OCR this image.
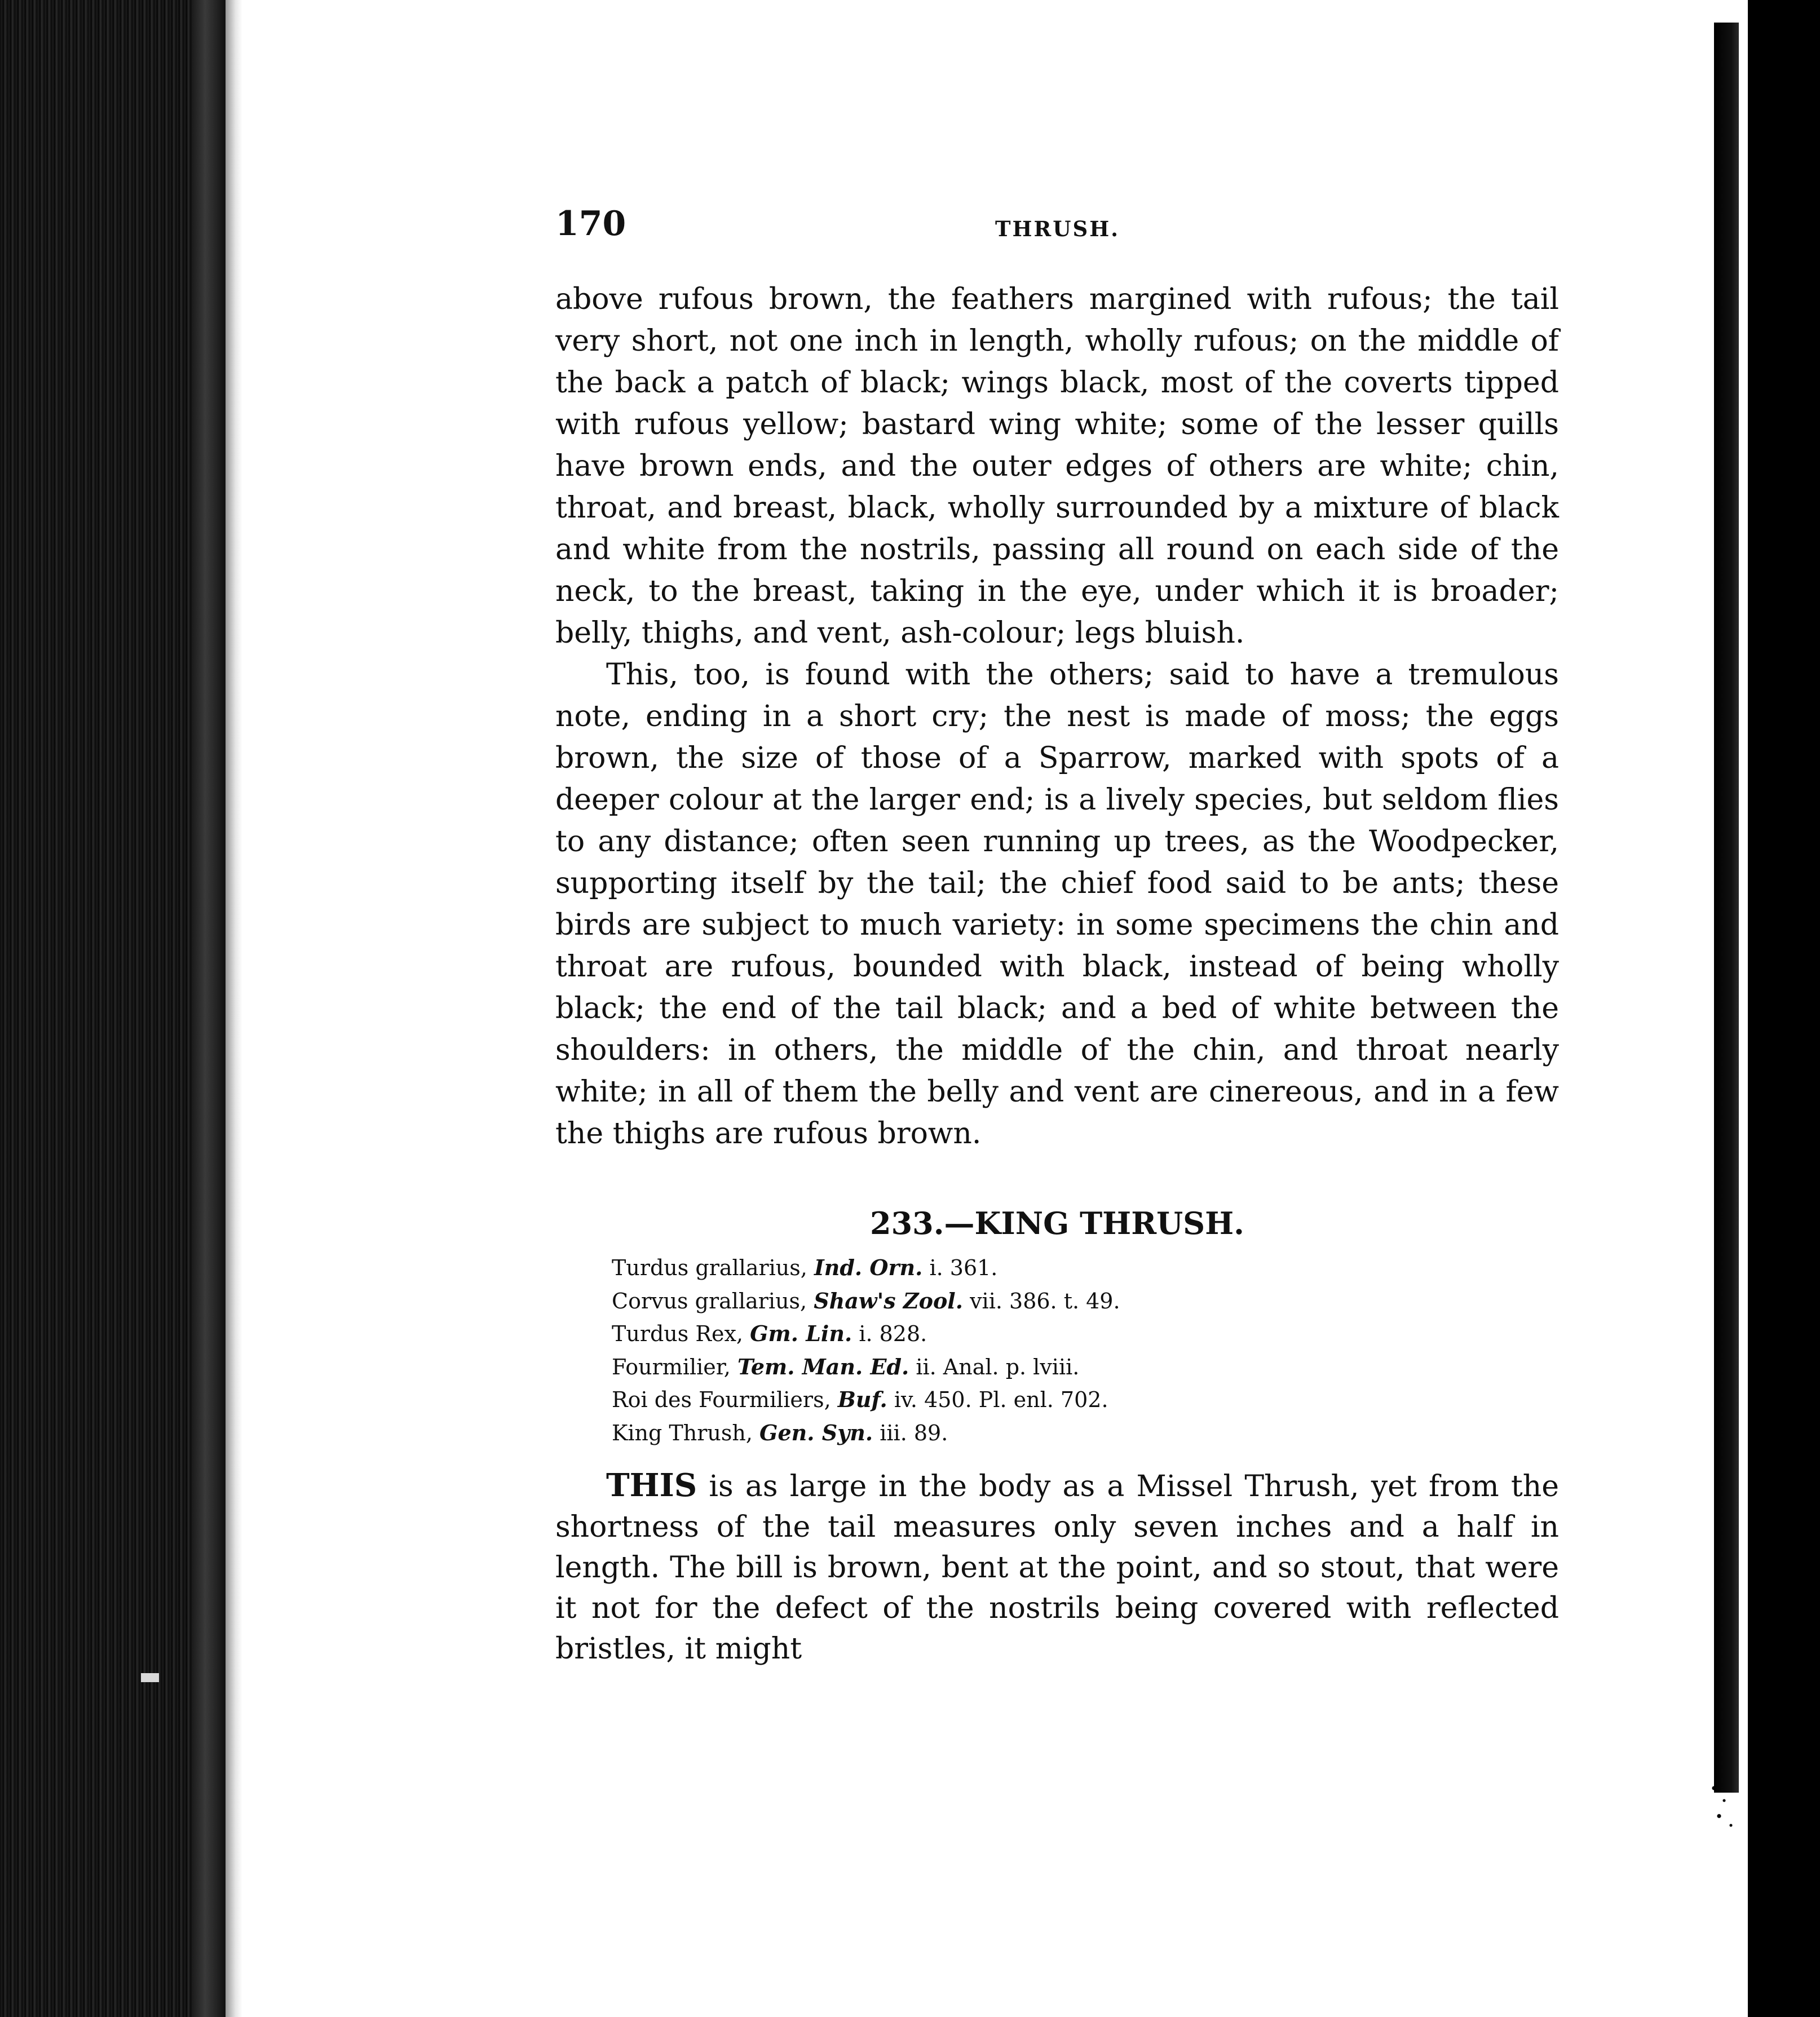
170	THRUSH.

above rufous brown, the feathers margined with rufous; the tail very short, not one inch in length, wholly rufous; on the middle of the back a patch of black; wings black, most of the coverts tipped with rufous yellow; bastard wing white; some of the lesser quills have brown ends, and the outer edges of others are white; chin, throat, and breast, black, wholly surrounded by a mixture of black and white from the nostrils, passing all round on each side of the neck, to the breast, taking in the eye, under which it is broader; belly, thighs, and vent, ash-colour; legs bluish.

This, too, is found with the others; said to have a tremulous note, ending in a short cry; the nest is made of moss; the eggs brown, the size of those of a Sparrow, marked with spots of a deeper colour at the larger end; is a lively species, but seldom flies to any distance; often seen running up trees, as the Woodpecker, supporting itself by the tail; the chief food said to be ants; these birds are subject to much variety: in some specimens the chin and throat are rufous, bounded with black, instead of being wholly black; the end of the tail black; and a bed of white between the shoulders: in others, the middle of the chin, and throat nearly white; in all of them the belly and vent are cinereous, and in a few the thighs are rufous brown.

233.—KING THRUSH.
Turdus grallarius, Ind. Orn. i. 361.
Corvus grallarius, Shaw's Zool. vii. 386. t. 49.
Turdus Rex, Gm. Lin. i. 828.
Fourmilier, Tem. Man. Ed. ii. Anal. p. lviii.
Roi des Fourmiliers, Buf. iv. 450. Pl. enl. 702.
King Thrush, Gen. Syn. iii. 89.

THIS is as large in the body as a Missel Thrush, yet from the shortness of the tail measures only seven inches and a half in length. The bill is brown, bent at the point, and so stout, that were it not for the defect of the nostrils being covered with reflected bristles, it might
